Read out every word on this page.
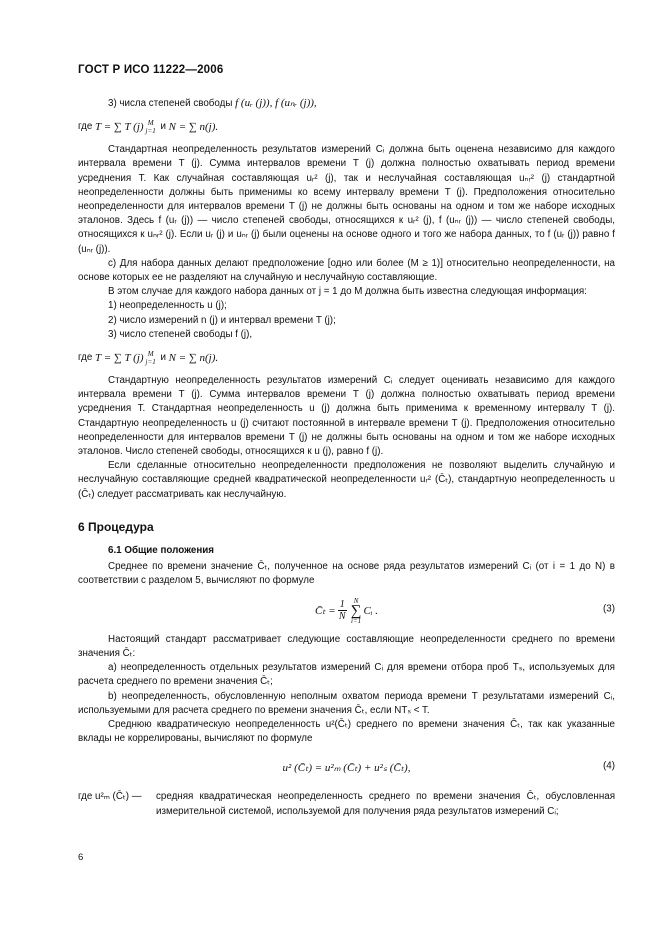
ГОСТ Р ИСО 11222—2006

3) числа степеней свободы f (uᵣ (j)), f (uₙᵣ (j)),

где
T = ∑ T (j) M
j=1
и
N = ∑ n(j).

Стандартная неопределенность результатов измерений Cᵢ должна быть оценена независимо для каждого интервала времени T (j). Сумма интервалов времени T (j) должна полностью охватывать период времени усреднения T. Как случайная составляющая uᵣ² (j), так и неслучайная составляющая uₙᵣ² (j) стандартной неопределенности должны быть применимы ко всему интервалу времени T (j). Предположения относительно неопределенности для интервалов времени T (j) не должны быть основаны на одном и том же наборе исходных эталонов. Здесь f (uᵣ (j)) — число степеней свободы, относящихся к uᵣ² (j), f (uₙᵣ (j)) — число степеней свободы, относящихся к uₙᵣ² (j). Если uᵣ (j) и uₙᵣ (j) были оценены на основе одного и того же набора данных, то f (uᵣ (j)) равно f (uₙᵣ (j)).

c) Для набора данных делают предположение [одно или более (M ≥ 1)] относительно неопределенности, на основе которых ее не разделяют на случайную и неслучайную составляющие.

В этом случае для каждого набора данных от j = 1 до M должна быть известна следующая информация:

1) неопределенность u (j);

2) число измерений n (j) и интервал времени T (j);

3) число степеней свободы f (j),

где
T = ∑ T (j) M
j=1
и
N = ∑ n(j).

Стандартную неопределенность результатов измерений Cᵢ следует оценивать независимо для каждого интервала времени T (j). Сумма интервалов времени T (j) должна полностью охватывать период времени усреднения T. Стандартная неопределенность u (j) должна быть применима к временному интервалу T (j). Стандартную неопределенность u (j) считают постоянной в интервале времени T (j). Предположения относительно неопределенности для интервалов времени T (j) не должны быть основаны на одном и том же наборе исходных эталонов. Число степеней свободы, относящихся к u (j), равно f (j).

Если сделанные относительно неопределенности предположения не позволяют выделить случайную и неслучайную составляющие средней квадратической неопределенности uᵣ² (C̄ₜ), стандартную неопределенность u (C̄ₜ) следует рассматривать как неслучайную.

6 Процедура

6.1 Общие положения

Среднее по времени значение C̄ₜ, полученное на основе ряда результатов измерений Cᵢ (от i = 1 до N) в соответствии с разделом 5, вычисляют по формуле

C̄ₜ = $\frac{1}{N}$ N
∑
i=1
Cᵢ .	(3)

Настоящий стандарт рассматривает следующие составляющие неопределенности среднего по времени значения C̄ₜ:

a) неопределенность отдельных результатов измерений Cᵢ для времени отбора проб Tₛ, используемых для расчета среднего по времени значения C̄ₜ;

b) неопределенность, обусловленную неполным охватом периода времени T результатами измерений Cᵢ, используемыми для расчета среднего по времени значения C̄ₜ, если NTₛ < T.

Среднюю квадратическую неопределенность u²(C̄ₜ) среднего по времени значения C̄ₜ, так как указанные вклады не коррелированы, вычисляют по формуле

u² (C̄ₜ) = u²ₘ (C̄ₜ) + u²ₛ (C̄ₜ),	(4)
где u²ₘ (C̄ₜ) —	средняя квадратическая неопределенность среднего по времени значения C̄ₜ, обусловленная измерительной системой, используемой для получения ряда результатов измерений Cᵢ;
6
